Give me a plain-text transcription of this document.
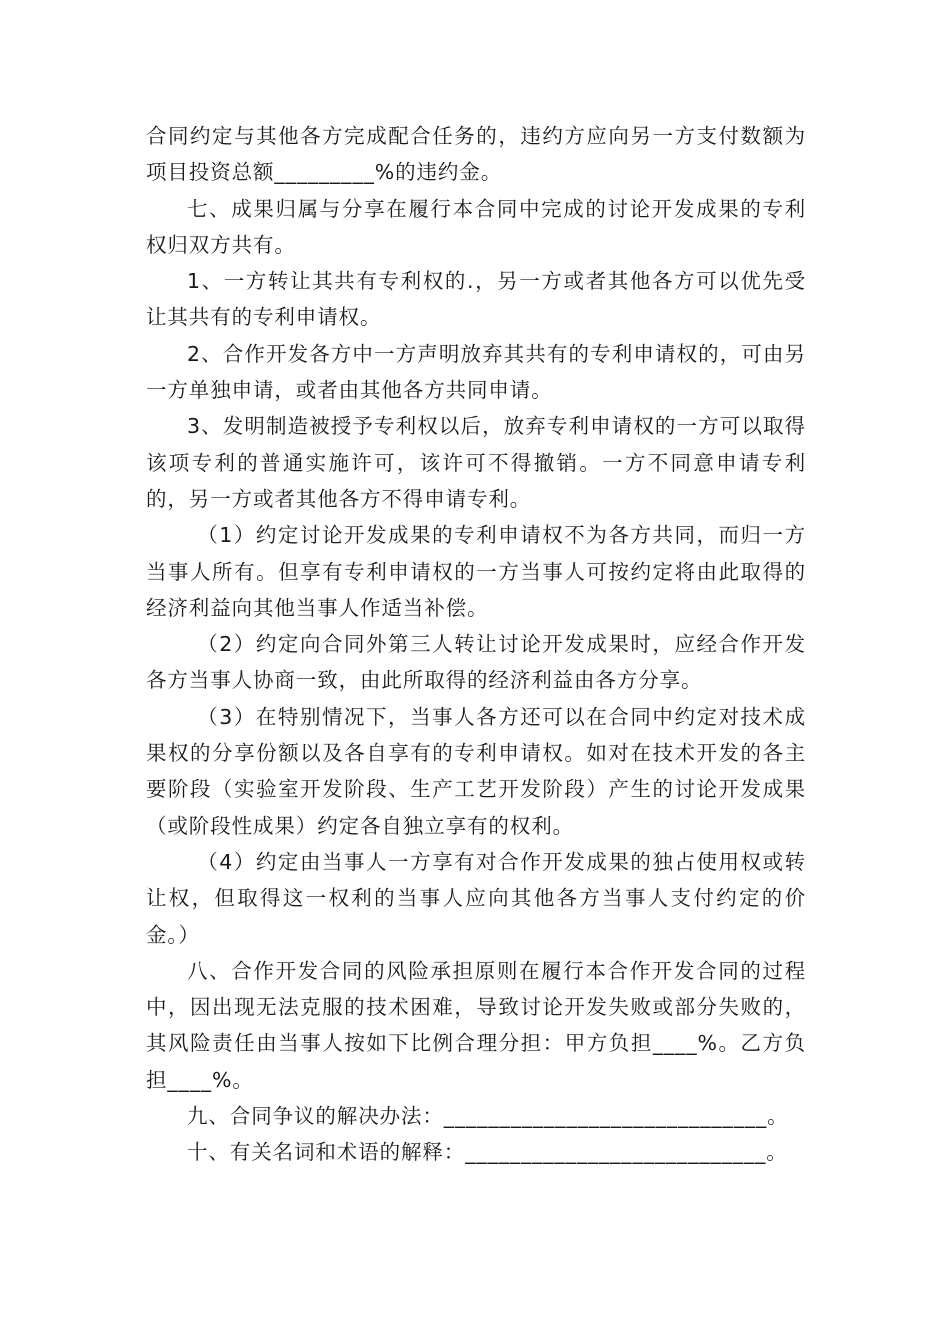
合同约定与其他各方完成配合任务的，违约方应向另一方支付数额为项目投资总额_________%的违约金。

七、成果归属与分享在履行本合同中完成的讨论开发成果的专利权归双方共有。

1、一方转让其共有专利权的.，另一方或者其他各方可以优先受让其共有的专利申请权。

2、合作开发各方中一方声明放弃其共有的专利申请权的，可由另一方单独申请，或者由其他各方共同申请。

3、发明制造被授予专利权以后，放弃专利申请权的一方可以取得该项专利的普通实施许可，该许可不得撤销。一方不同意申请专利的，另一方或者其他各方不得申请专利。

（1）约定讨论开发成果的专利申请权不为各方共同，而归一方当事人所有。但享有专利申请权的一方当事人可按约定将由此取得的经济利益向其他当事人作适当补偿。

（2）约定向合同外第三人转让讨论开发成果时，应经合作开发各方当事人协商一致，由此所取得的经济利益由各方分享。

（3）在特别情况下，当事人各方还可以在合同中约定对技术成果权的分享份额以及各自享有的专利申请权。如对在技术开发的各主要阶段（实验室开发阶段、生产工艺开发阶段）产生的讨论开发成果（或阶段性成果）约定各自独立享有的权利。

（4）约定由当事人一方享有对合作开发成果的独占使用权或转让权，但取得这一权利的当事人应向其他各方当事人支付约定的价金。）

八、合作开发合同的风险承担原则在履行本合作开发合同的过程中，因出现无法克服的技术困难，导致讨论开发失败或部分失败的，其风险责任由当事人按如下比例合理分担：甲方负担____%。乙方负担____%。

九、合同争议的解决办法：_____________________________。

十、有关名词和术语的解释：___________________________。
